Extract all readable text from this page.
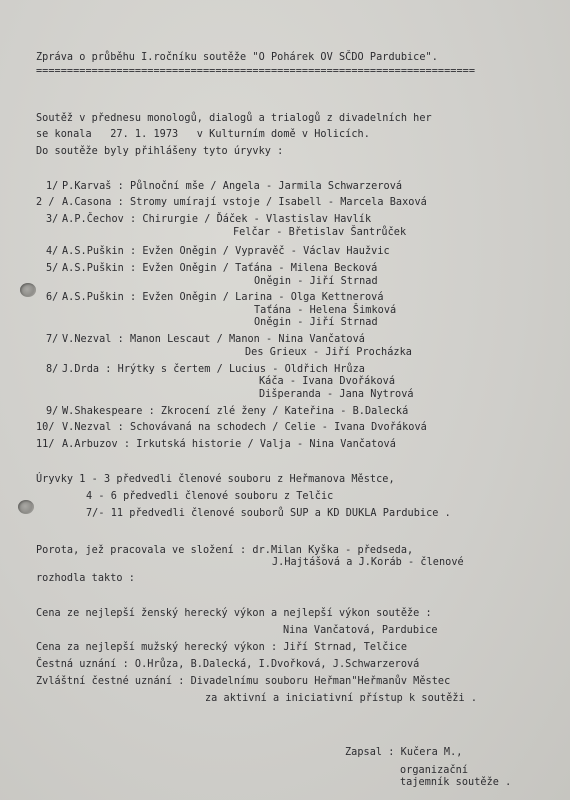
Zpráva o průběhu I.ročníku soutěže "O Pohárek OV SČDO Pardubice".
=======================================================================
Soutěž v přednesu monologů, dialogů a trialogů z divadelních her
se konala   27. 1. 1973   v Kulturním domě v Holicích.
Do soutěže byly přihlášeny tyto úryvky :
1/ P.Karvaš : Půlnoční mše / Angela - Jarmila Schwarzerová
2 / A.Casona : Stromy umírají vstoje / Isabell - Marcela Baxová
3/ A.P.Čechov : Chirurgie / Ďáček - Vlastislav Havlík
Felčar - Břetislav Šantrůček
4/ A.S.Puškin : Evžen Oněgin / Vypravěč - Václav Haužvic
5/ A.S.Puškin : Evžen Oněgin / Taťána - Milena Becková
Oněgin - Jiří Strnad
6/ A.S.Puškin : Evžen Oněgin / Larina - Olga Kettnerová
Taťána - Helena Šimková
Oněgin - Jiří Strnad
7/ V.Nezval : Manon Lescaut / Manon - Nina Vančatová
Des Grieux - Jiří Procházka
8/ J.Drda : Hrýtky s čertem / Lucius - Oldřich Hrůza
Káča - Ivana Dvořáková
Dišperanda - Jana Nytrová
9/ W.Shakespeare : Zkrocení zlé ženy / Kateřina - B.Dalecká
10/ V.Nezval : Schovávaná na schodech / Celie - Ivana Dvořáková
11/ A.Arbuzov : Irkutská historie / Valja - Nina Vančatová
Úryvky 1 - 3 předvedli členové souboru z Heřmanova Městce,
4 - 6 předvedli členové souboru z Telčic
7/- 11 předvedli členové souborů SUP a KD DUKLA Pardubice .
Porota, jež pracovala ve složení : dr.Milan Kyška - předseda,
J.Hajtášová a J.Koráb - členové
rozhodla takto :
Cena ze nejlepší ženský herecký výkon a nejlepší výkon soutěže :
Nina Vančatová, Pardubice
Cena za nejlepší mužský herecký výkon : Jiří Strnad, Telčice
Čestná uznání : O.Hrůza, B.Dalecká, I.Dvořková, J.Schwarzerová
Zvláštní čestné uznání : Divadelnímu souboru Heřman"Heřmanův Městec
za aktivní a iniciativní přístup k soutěži .
Zapsal : Kučera M.,
organizační
tajemník soutěže .
